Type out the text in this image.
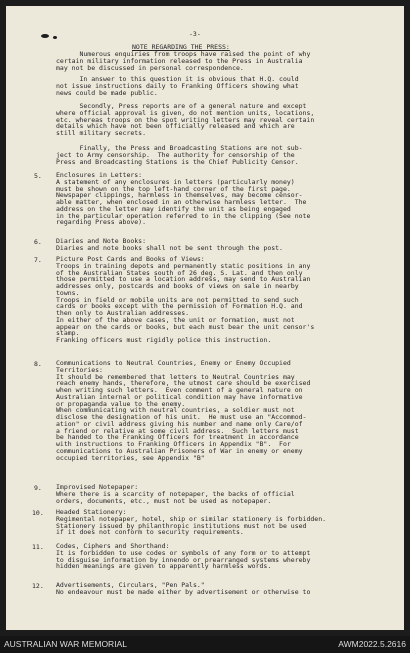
-3-
NOTE REGARDING THE PRESS:
Numerous enquiries from troops have raised the point of why
certain military information released to the Press in Australia
may not be discussed in personal correspondence.
In answer to this question it is obvious that H.Q. could
not issue instructions daily to Franking Officers showing what
news could be made public.
Secondly, Press reports are of a general nature and except
where official approval is given, do not mention units, locations,
etc. whereas troops on the spot writing letters may reveal certain
details which have not been officially released and which are
still military secrets.
Finally, the Press and Broadcasting Stations are not sub-
ject to Army censorship.  The authority for censorship of the
Press and Broadcasting Stations is the Chief Publicity Censor.
5. Enclosures in Letters:
A statement of any enclosures in letters (particularly money)
must be shown on the top left-hand corner of the first page.
Newspaper clippings, harmless in themselves, may become censor-
able matter, when enclosed in an otherwise harmless letter.  The
address on the letter may identify the unit as being engaged
in the particular operation referred to in the clipping (See note
regarding Press above).
6. Diaries and Note Books:
Diaries and note books shall not be sent through the post.
7. Picture Post Cards and Books of Views:
Troops in training depots and permanently static positions in any
of the Australian States south of 26 deg. S. Lat. and then only
those permitted to use a location address, may send to Australian
addresses only, postcards and books of views on sale in nearby
towns.
Troops in field or mobile units are not permitted to send such
cards or books except with the permission of Formation H.Q. and
then only to Australian addresses.
In either of the above cases, the unit or formation, must not
appear on the cards or books, but each must bear the unit censor's
stamp.
Franking officers must rigidly police this instruction.
8. Communications to Neutral Countries, Enemy or Enemy Occupied
Territories:
It should be remembered that letters to Neutral Countries may
reach enemy hands, therefore, the utmost care should be exercised
when writing such letters.  Even comment of a general nature on
Australian internal or political condition may have informative
or propaganda value to the enemy.
When communicating with neutral countries, a soldier must not
disclose the designation of his unit.  He must use an "Accommod-
ation" or civil address giving his number and name only Care/of
a friend or relative at some civil address.  Such letters must
be handed to the Franking Officers for treatment in accordance
with instructions to Franking Officers in Appendix "B".  For
communications to Australian Prisoners of War in enemy or enemy
occupied territories, see Appendix "B"
9. Improvised Notepaper:
Where there is a scarcity of notepaper, the backs of official
orders, documents, etc., must not be used as notepaper.
10. Headed Stationery:
Regimental notepaper, hotel, ship or similar stationery is forbidden.
Stationery issued by philanthropic institutions must not be used
if it does not conform to security requirements.
11. Codes, Ciphers and Shorthand:
It is forbidden to use codes or symbols of any form or to attempt
to disguise information by innendo or prearranged systems whereby
hidden meanings are given to apparently harmless words.
12. Advertisements, Circulars, "Pen Pals."
No endeavour must be made either by advertisement or otherwise to
AUSTRALIAN WAR MEMORIAL	AWM2022.5.2616
